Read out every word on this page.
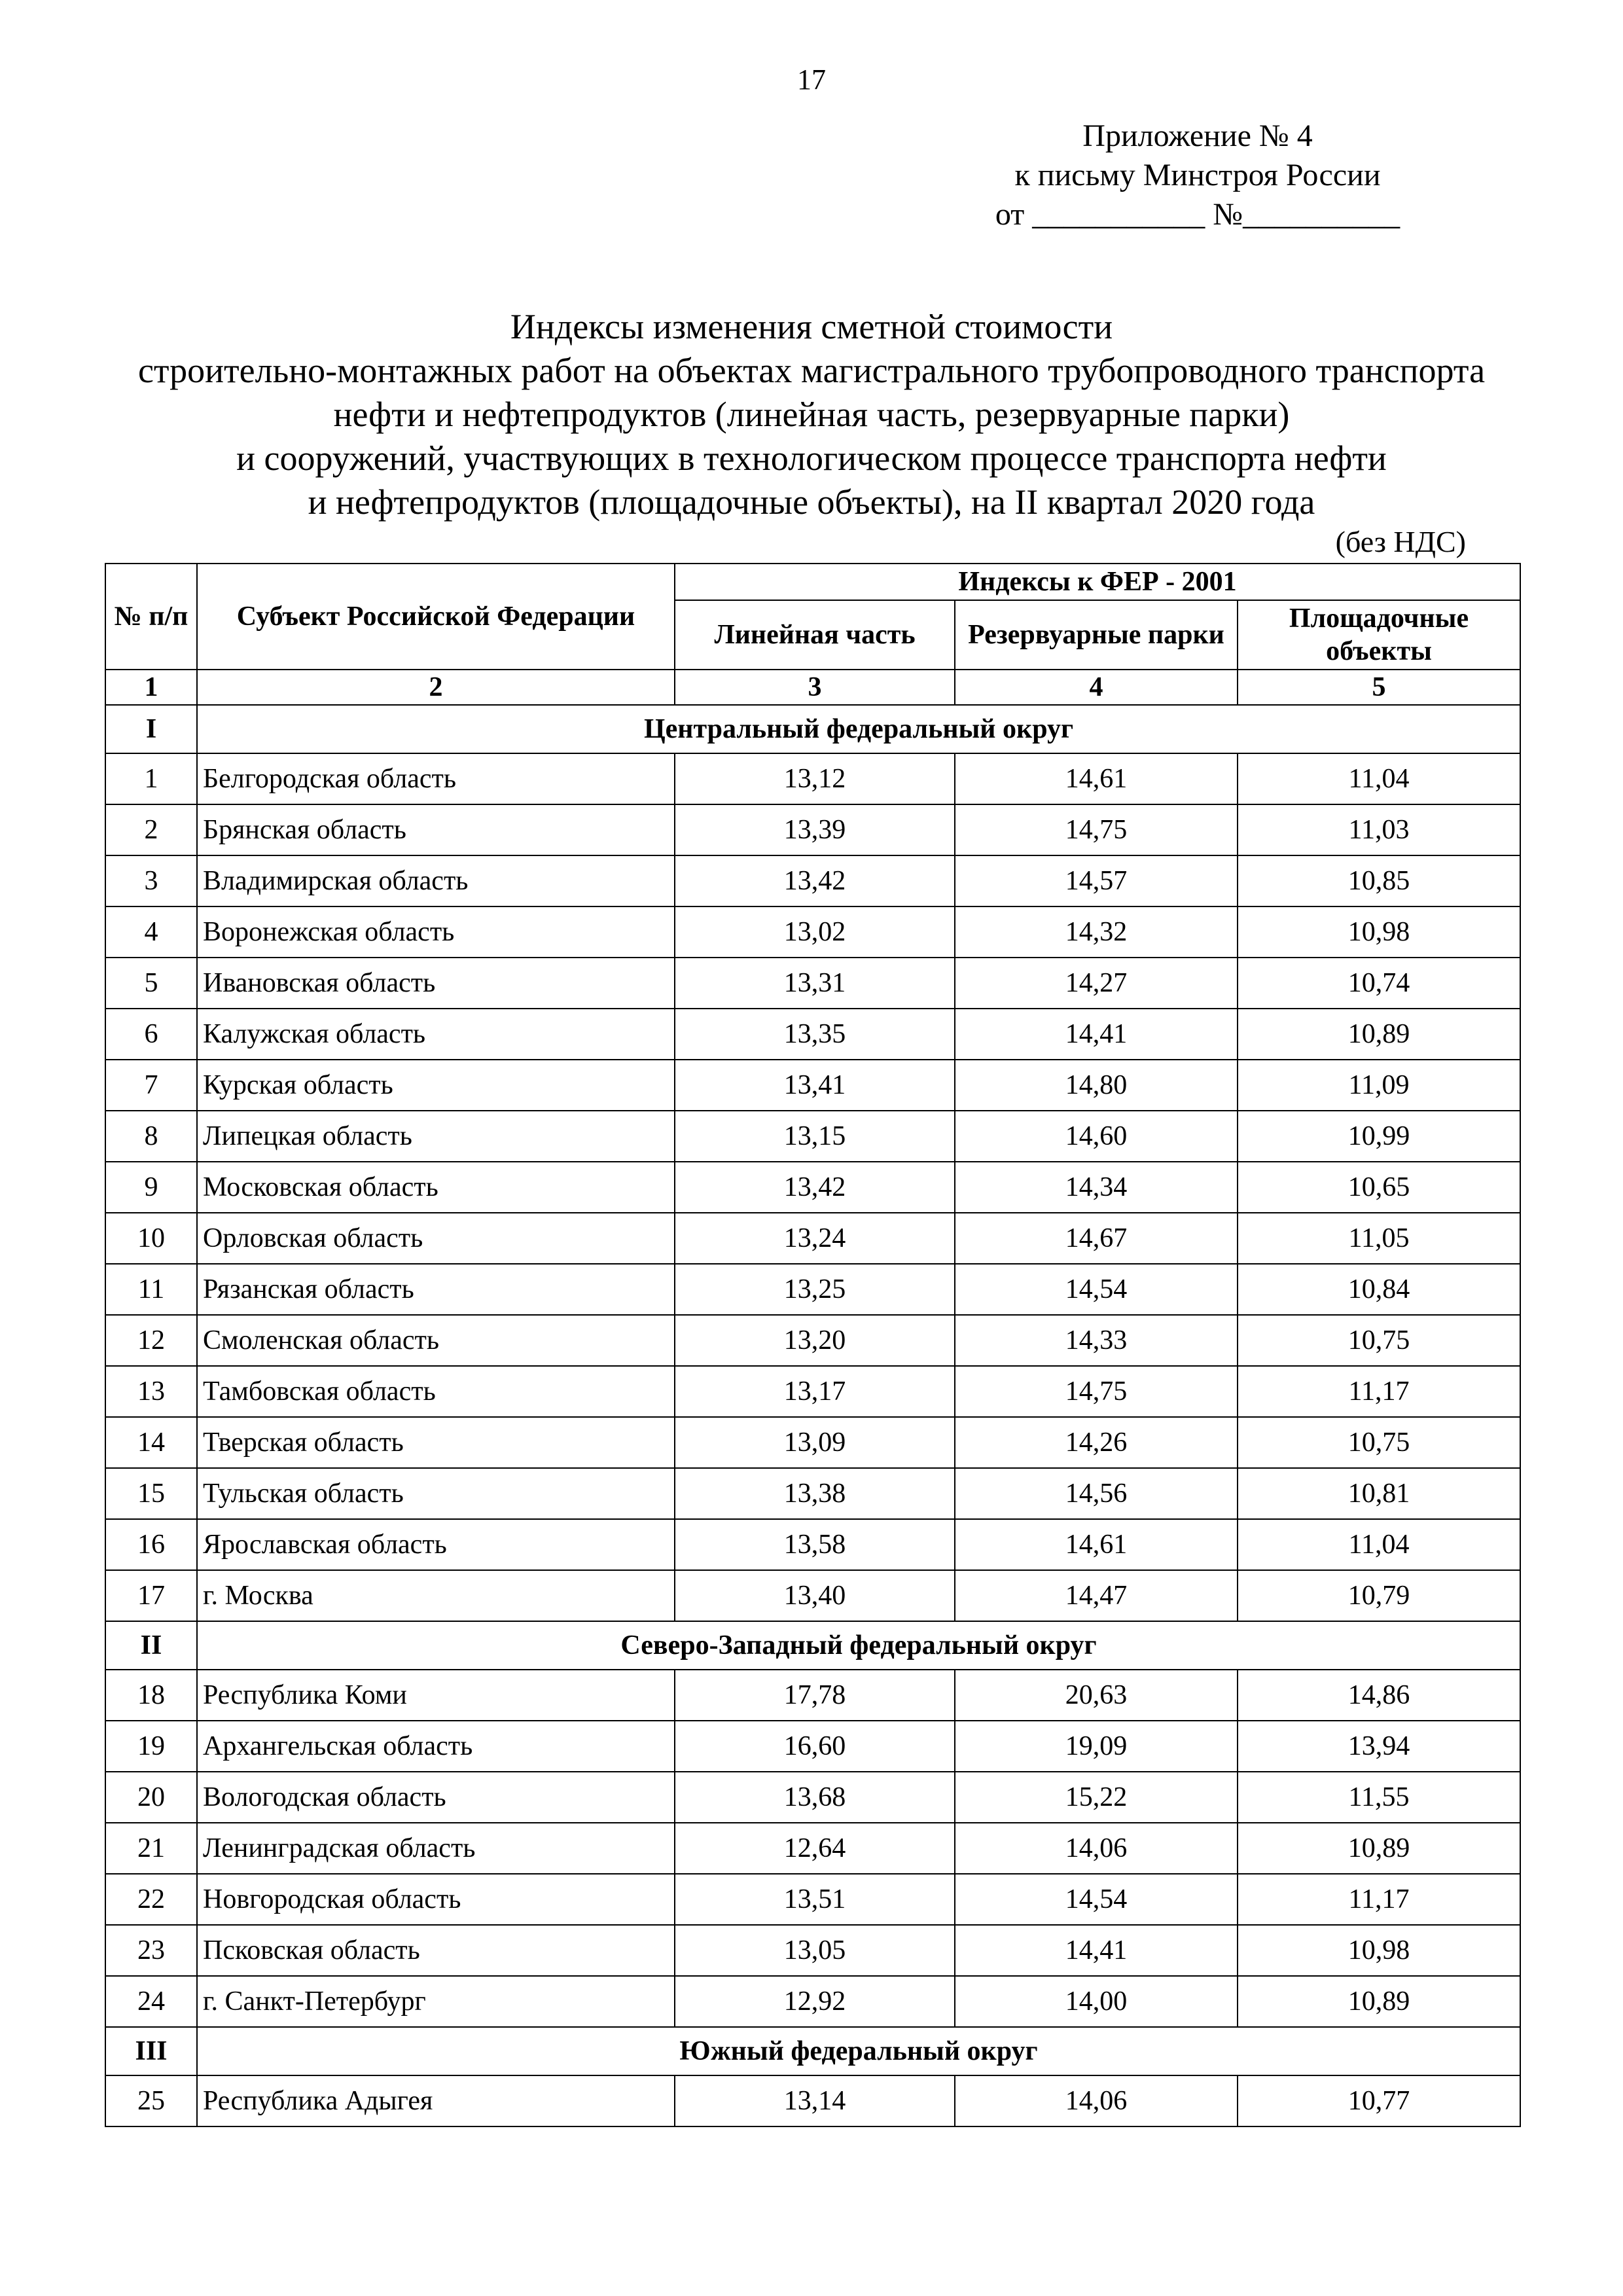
17
Приложение № 4
к письму Минстроя России
от ___________ №__________
Индексы изменения сметной стоимости
строительно-монтажных работ на объектах магистрального трубопроводного транспорта
нефти и нефтепродуктов (линейная часть, резервуарные парки)
и сооружений, участвующих в технологическом процессе транспорта нефти
и нефтепродуктов (площадочные объекты), на II квартал 2020 года
(без НДС)
№ п/п	Субъект Российской Федерации	Индексы к ФЕР - 2001		
		Линейная часть	Резервуарные парки	Площадочные объекты
1	2	3	4	5
I	Центральный федеральный округ			
1	Белгородская область	13,12	14,61	11,04
2	Брянская область	13,39	14,75	11,03
3	Владимирская область	13,42	14,57	10,85
4	Воронежская область	13,02	14,32	10,98
5	Ивановская область	13,31	14,27	10,74
6	Калужская область	13,35	14,41	10,89
7	Курская область	13,41	14,80	11,09
8	Липецкая область	13,15	14,60	10,99
9	Московская область	13,42	14,34	10,65
10	Орловская область	13,24	14,67	11,05
11	Рязанская область	13,25	14,54	10,84
12	Смоленская область	13,20	14,33	10,75
13	Тамбовская область	13,17	14,75	11,17
14	Тверская область	13,09	14,26	10,75
15	Тульская область	13,38	14,56	10,81
16	Ярославская область	13,58	14,61	11,04
17	г. Москва	13,40	14,47	10,79
II	Северо-Западный федеральный округ			
18	Республика Коми	17,78	20,63	14,86
19	Архангельская область	16,60	19,09	13,94
20	Вологодская область	13,68	15,22	11,55
21	Ленинградская область	12,64	14,06	10,89
22	Новгородская область	13,51	14,54	11,17
23	Псковская область	13,05	14,41	10,98
24	г. Санкт-Петербург	12,92	14,00	10,89
III	Южный федеральный округ			
25	Республика Адыгея	13,14	14,06	10,77
